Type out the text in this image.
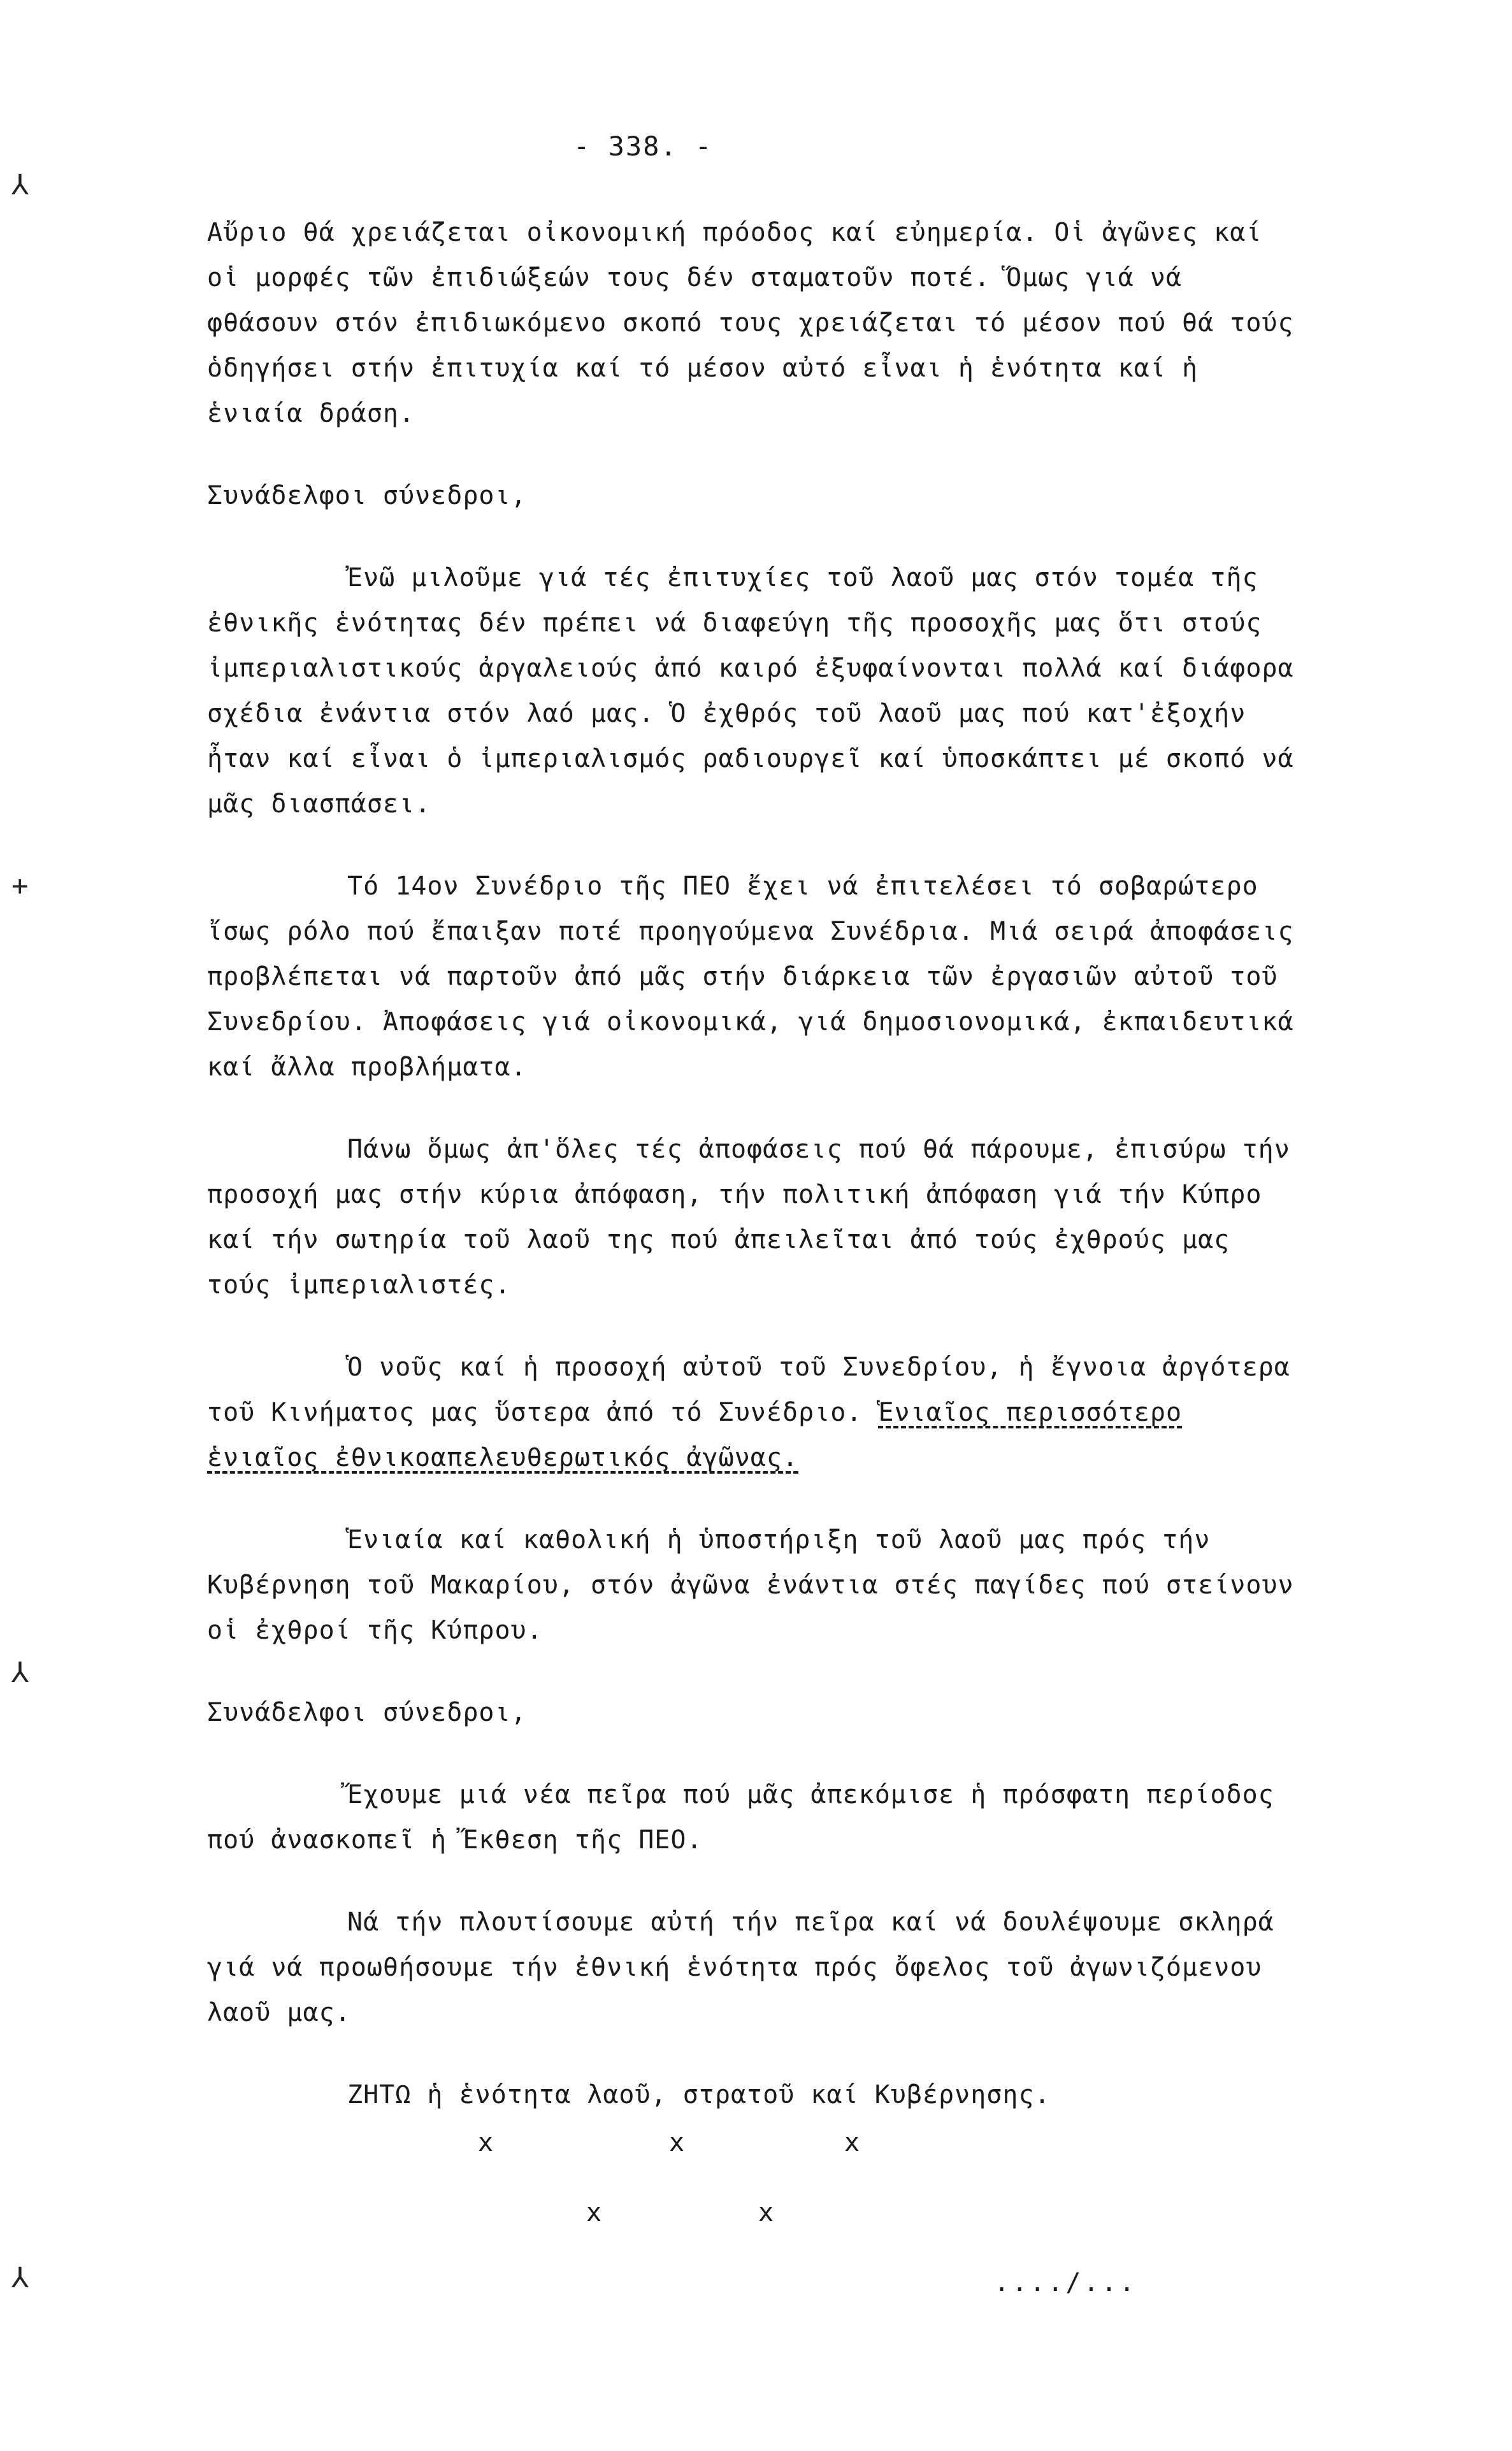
- 338. -

Αὔριο θά χρειάζεται οἰκονομική πρόοδος καί εὐημερία. Οἱ ἀγῶνες καί οἱ μορφές τῶν ἐπιδιώξεών τους δέν σταματοῦν ποτέ. Ὅμως γιά νά φθάσουν στόν ἐπιδιωκόμενο σκοπό τους χρειάζεται τό μέσον πού θά τούς ὁδηγήσει στήν ἐπιτυχία καί τό μέσον αὐτό εἶναι ἡ ἑνότητα καί ἡ ἑνιαία δράση.

Συνάδελφοι σύνεδροι,

Ἐνῶ μιλοῦμε γιά τές ἐπιτυχίες τοῦ λαοῦ μας στόν τομέα τῆς ἐθνικῆς ἑνότητας δέν πρέπει νά διαφεύγη τῆς προσοχῆς μας ὅτι στούς ἰμπεριαλιστικούς ἀργαλειούς ἀπό καιρό ἐξυφαίνονται πολλά καί διάφορα σχέδια ἐνάντια στόν λαό μας. Ὁ ἐχθρός τοῦ λαοῦ μας πού κατ'ἐξοχήν ἦταν καί εἶναι ὁ ἰμπεριαλισμός ραδιουργεῖ καί ὑποσκάπτει μέ σκοπό νά μᾶς διασπάσει.

Τό 14ον Συνέδριο τῆς ΠΕΟ ἔχει νά ἐπιτελέσει τό σοβαρώτερο ἴσως ρόλο πού ἔπαιξαν ποτέ προηγούμενα Συνέδρια. Μιά σειρά ἀποφάσεις προβλέπεται νά παρτοῦν ἀπό μᾶς στήν διάρκεια τῶν ἐργασιῶν αὐτοῦ τοῦ Συνεδρίου. Ἀποφάσεις γιά οἰκονομικά, γιά δημοσιονομικά, ἐκπαιδευτικά καί ἄλλα προβλήματα.

Πάνω ὅμως ἀπ'ὅλες τές ἀποφάσεις πού θά πάρουμε, ἐπισύρω τήν προσοχή μας στήν κύρια ἀπόφαση, τήν πολιτική ἀπόφαση γιά τήν Κύπρο καί τήν σωτηρία τοῦ λαοῦ της πού ἀπειλεῖται ἀπό τούς ἐχθρούς μας τούς ἰμπεριαλιστές.

Ὁ νοῦς καί ἡ προσοχή αὐτοῦ τοῦ Συνεδρίου, ἡ ἔγνοια ἀργότερα τοῦ Κινήματος μας ὕστερα ἀπό τό Συνέδριο. Ἑνιαῖος περισσότερο ἑνιαῖος ἐθνικοαπελευθερωτικός ἀγῶνας.

Ἑνιαία καί καθολική ἡ ὑποστήριξη τοῦ λαοῦ μας πρός τήν Κυβέρνηση τοῦ Μακαρίου, στόν ἀγῶνα ἐνάντια στές παγίδες πού στείνουν οἱ ἐχθροί τῆς Κύπρου.

Συνάδελφοι σύνεδροι,

Ἔχουμε μιά νέα πεῖρα πού μᾶς ἀπεκόμισε ἡ πρόσφατη περίοδος πού ἀνασκοπεῖ ἡ Ἔκθεση τῆς ΠΕΟ.

Νά τήν πλουτίσουμε αὐτή τήν πεῖρα καί νά δουλέψουμε σκληρά γιά νά προωθήσουμε τήν ἐθνική ἑνότητα πρός ὄφελος τοῦ ἀγωνιζόμενου λαοῦ μας.

ΖΗΤΩ ἡ ἑνότητα λαοῦ, στρατοῦ καί Κυβέρνησης.

x	x	x
x	x
..../...
⅄
+
⅄
⅄
